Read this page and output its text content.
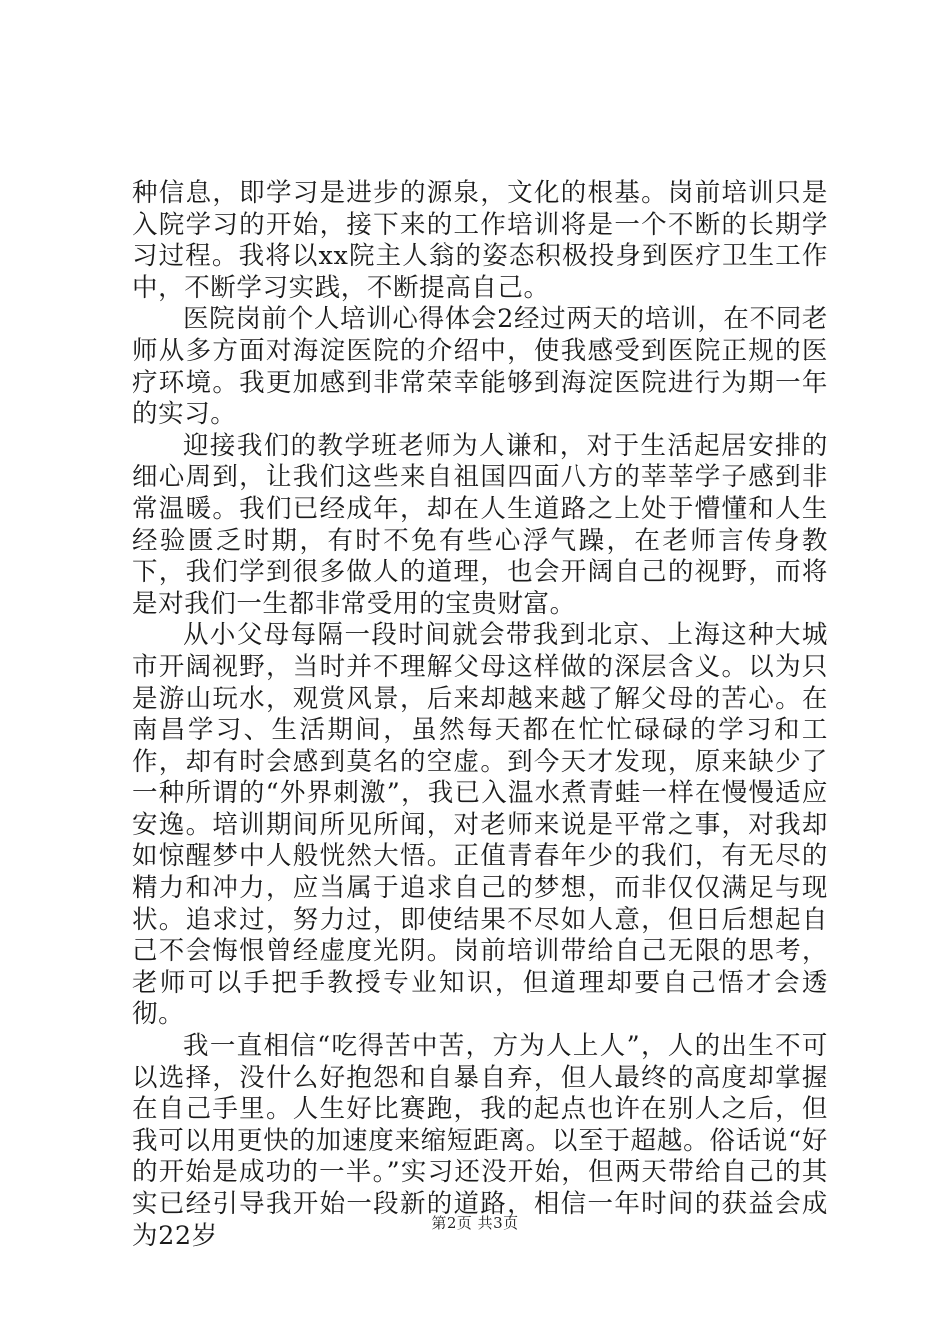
种信息，即学习是进步的源泉，文化的根基。岗前培训只是入院学习的开始，接下来的工作培训将是一个不断的长期学习过程。我将以xx院主人翁的姿态积极投身到医疗卫生工作中，不断学习实践，不断提高自己。

医院岗前个人培训心得体会2经过两天的培训，在不同老师从多方面对海淀医院的介绍中，使我感受到医院正规的医疗环境。我更加感到非常荣幸能够到海淀医院进行为期一年的实习。

迎接我们的教学班老师为人谦和，对于生活起居安排的细心周到，让我们这些来自祖国四面八方的莘莘学子感到非常温暖。我们已经成年，却在人生道路之上处于懵懂和人生经验匮乏时期，有时不免有些心浮气躁，在老师言传身教下，我们学到很多做人的道理，也会开阔自己的视野，而将是对我们一生都非常受用的宝贵财富。

从小父母每隔一段时间就会带我到北京、上海这种大城市开阔视野，当时并不理解父母这样做的深层含义。以为只是游山玩水，观赏风景，后来却越来越了解父母的苦心。在南昌学习、生活期间，虽然每天都在忙忙碌碌的学习和工作，却有时会感到莫名的空虚。到今天才发现，原来缺少了一种所谓的“外界刺激”，我已入温水煮青蛙一样在慢慢适应安逸。培训期间所见所闻，对老师来说是平常之事，对我却如惊醒梦中人般恍然大悟。正值青春年少的我们，有无尽的精力和冲力，应当属于追求自己的梦想，而非仅仅满足与现状。追求过，努力过，即使结果不尽如人意，但日后想起自己不会悔恨曾经虚度光阴。岗前培训带给自己无限的思考，老师可以手把手教授专业知识，但道理却要自己悟才会透彻。

我一直相信“吃得苦中苦，方为人上人”，人的出生不可以选择，没什么好抱怨和自暴自弃，但人最终的高度却掌握在自己手里。人生好比赛跑，我的起点也许在别人之后，但我可以用更快的加速度来缩短距离。以至于超越。俗话说“好的开始是成功的一半。”实习还没开始，但两天带给自己的其实已经引导我开始一段新的道路，相信一年时间的获益会成为22岁	第2页 共3页
